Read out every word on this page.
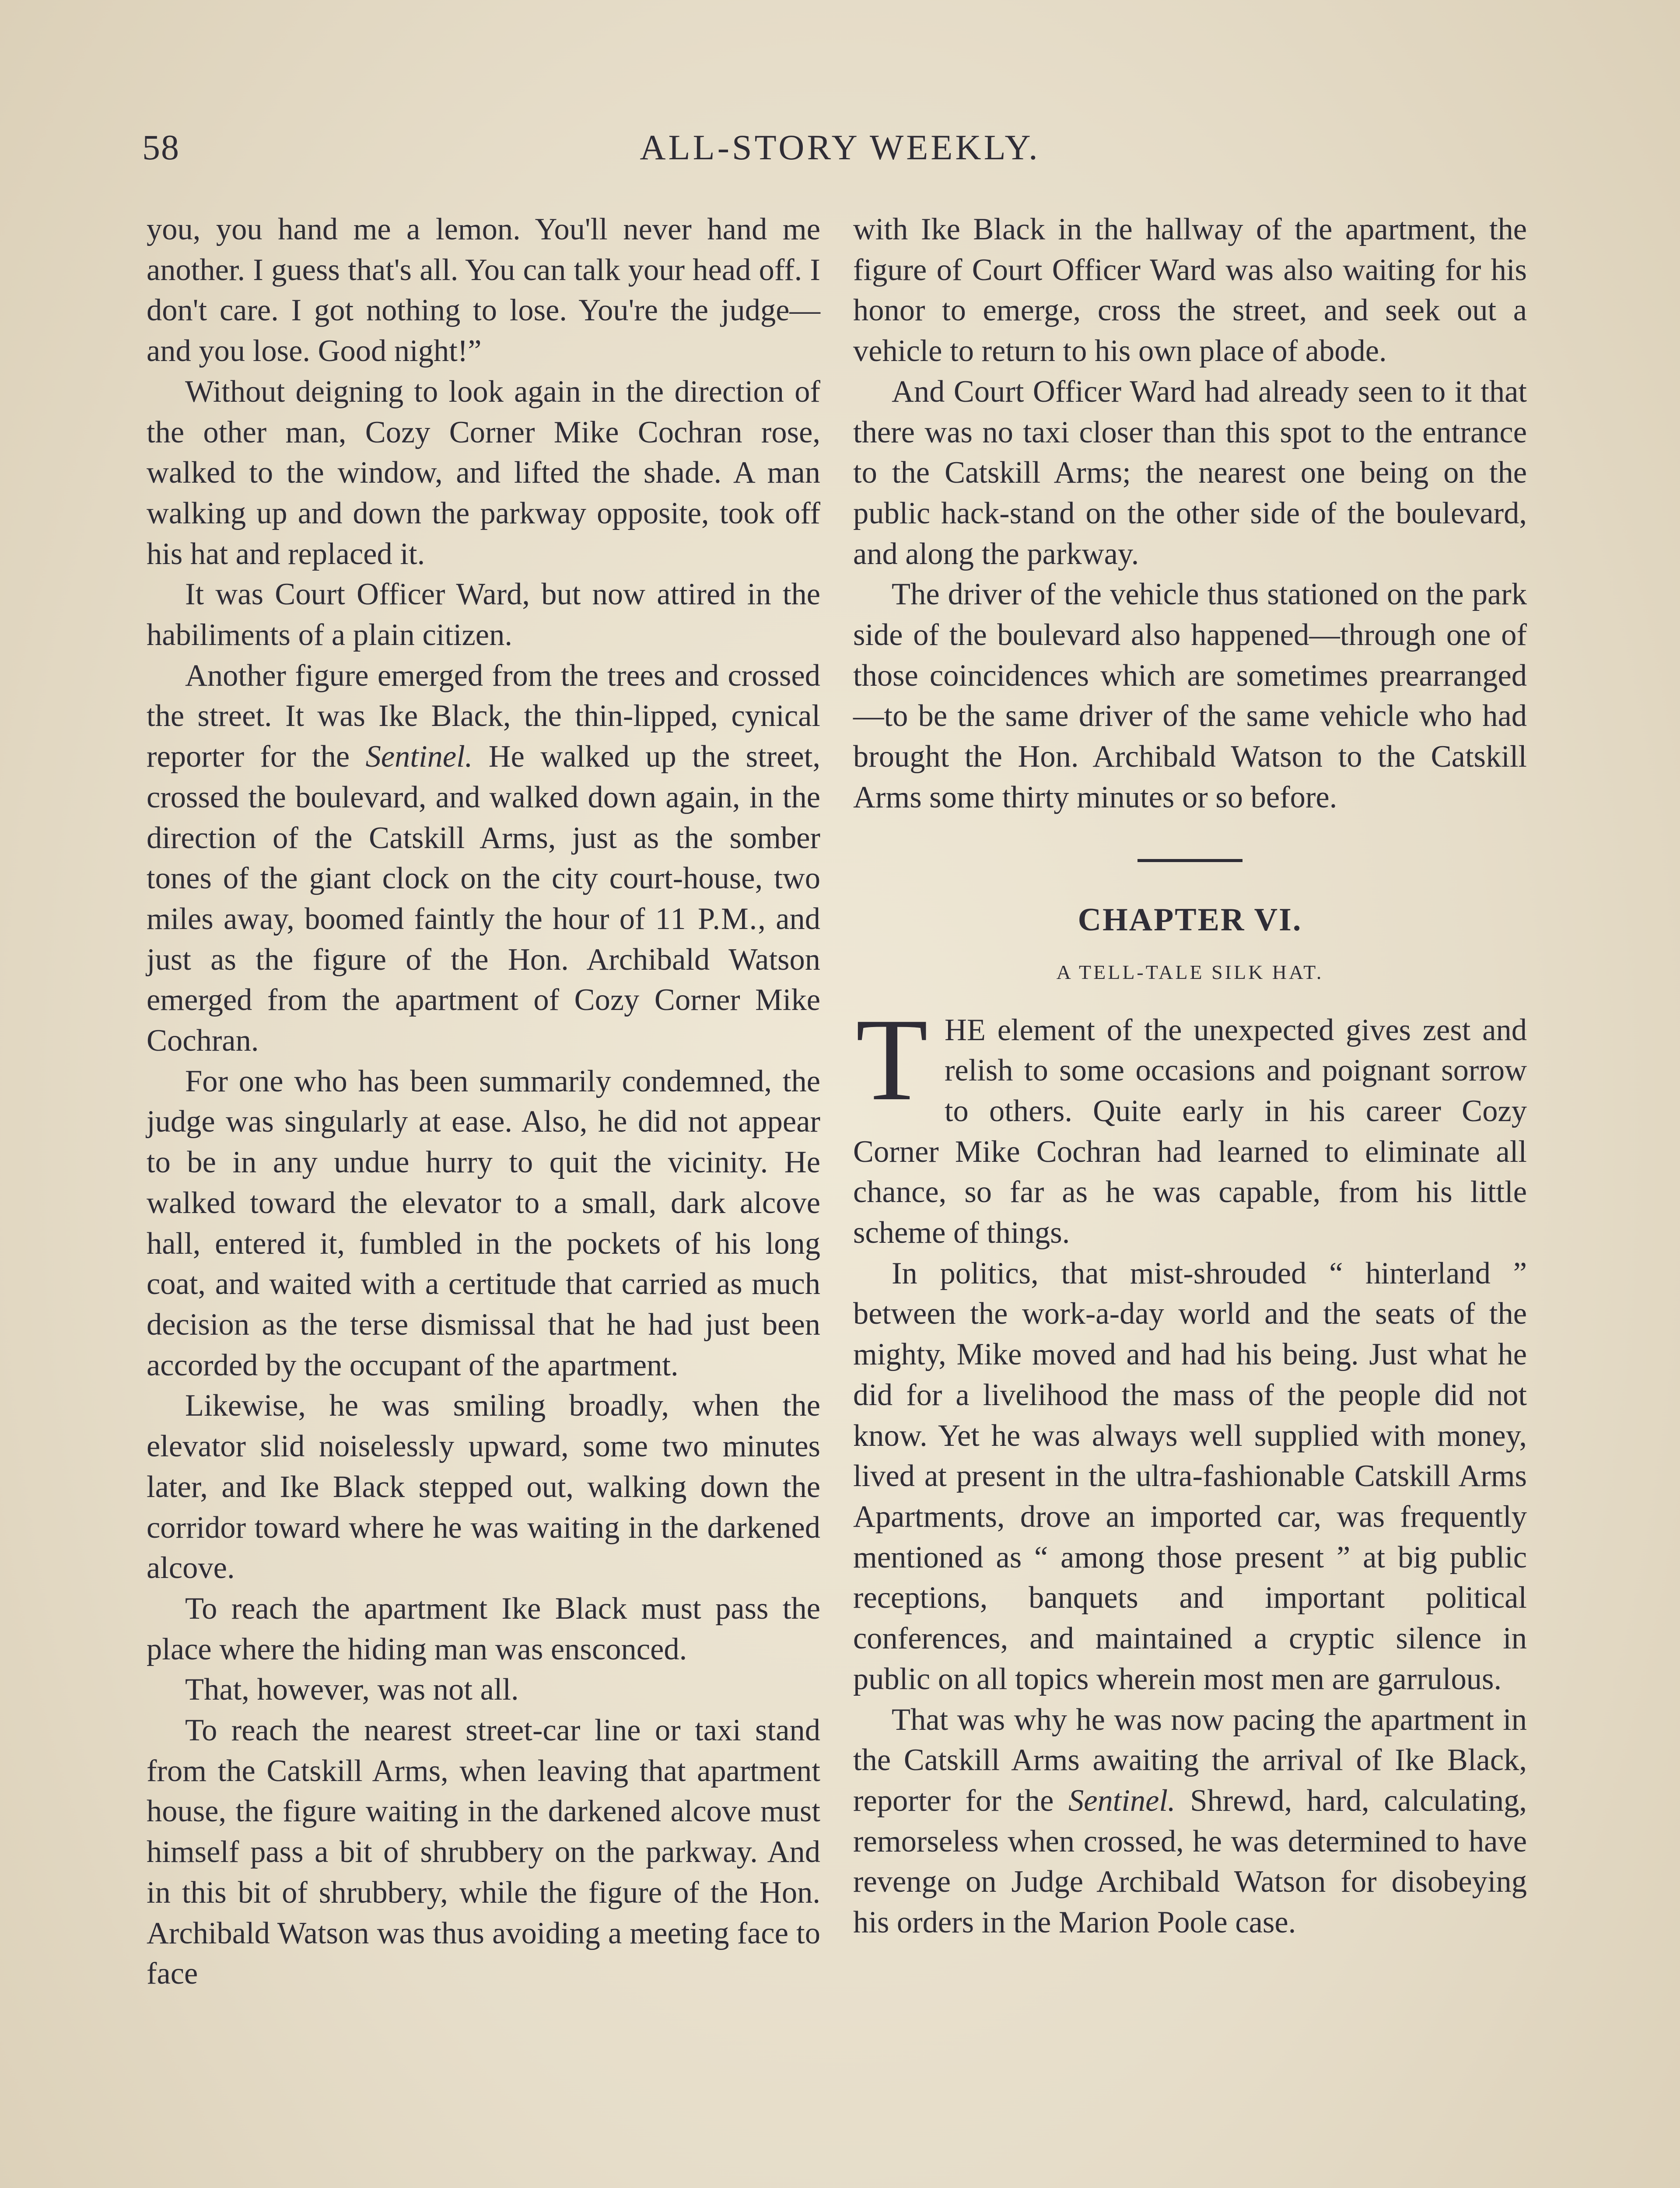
58	ALL-STORY WEEKLY.

you, you hand me a lemon. You'll never hand me another. I guess that's all. You can talk your head off. I don't care. I got nothing to lose. You're the judge—and you lose. Good night!”

Without deigning to look again in the direction of the other man, Cozy Corner Mike Cochran rose, walked to the window, and lifted the shade. A man walking up and down the parkway opposite, took off his hat and replaced it.

It was Court Officer Ward, but now attired in the habiliments of a plain citizen.

Another figure emerged from the trees and crossed the street. It was Ike Black, the thin-lipped, cynical reporter for the Sentinel. He walked up the street, crossed the boulevard, and walked down again, in the direction of the Catskill Arms, just as the somber tones of the giant clock on the city court-house, two miles away, boomed faintly the hour of 11 P.M., and just as the figure of the Hon. Archibald Watson emerged from the apartment of Cozy Corner Mike Cochran.

For one who has been summarily condemned, the judge was singularly at ease. Also, he did not appear to be in any undue hurry to quit the vicinity. He walked toward the elevator to a small, dark alcove hall, entered it, fumbled in the pockets of his long coat, and waited with a certitude that carried as much decision as the terse dismissal that he had just been accorded by the occupant of the apartment.

Likewise, he was smiling broadly, when the elevator slid noiselessly upward, some two minutes later, and Ike Black stepped out, walking down the corridor toward where he was waiting in the darkened alcove.

To reach the apartment Ike Black must pass the place where the hiding man was ensconced.

That, however, was not all.

To reach the nearest street-car line or taxi stand from the Catskill Arms, when leaving that apartment house, the figure waiting in the darkened alcove must himself pass a bit of shrubbery on the parkway. And in this bit of shrubbery, while the figure of the Hon. Archibald Watson was thus avoiding a meeting face to face

with Ike Black in the hallway of the apartment, the figure of Court Officer Ward was also waiting for his honor to emerge, cross the street, and seek out a vehicle to return to his own place of abode.

And Court Officer Ward had already seen to it that there was no taxi closer than this spot to the entrance to the Catskill Arms; the nearest one being on the public hack-stand on the other side of the boulevard, and along the parkway.

The driver of the vehicle thus stationed on the park side of the boulevard also happened—through one of those coincidences which are sometimes prearranged—to be the same driver of the same vehicle who had brought the Hon. Archibald Watson to the Catskill Arms some thirty minutes or so before.

CHAPTER VI.
A TELL-TALE SILK HAT.

THE element of the unexpected gives zest and relish to some occasions and poignant sorrow to others. Quite early in his career Cozy Corner Mike Cochran had learned to eliminate all chance, so far as he was capable, from his little scheme of things.

In politics, that mist-shrouded “ hinterland ” between the work-a-day world and the seats of the mighty, Mike moved and had his being. Just what he did for a livelihood the mass of the people did not know. Yet he was always well supplied with money, lived at present in the ultra-fashionable Catskill Arms Apartments, drove an imported car, was frequently mentioned as “ among those present ” at big public receptions, banquets and important political conferences, and maintained a cryptic silence in public on all topics wherein most men are garrulous.

That was why he was now pacing the apartment in the Catskill Arms awaiting the arrival of Ike Black, reporter for the Sentinel. Shrewd, hard, calculating, remorseless when crossed, he was determined to have revenge on Judge Archibald Watson for disobeying his orders in the Marion Poole case.
